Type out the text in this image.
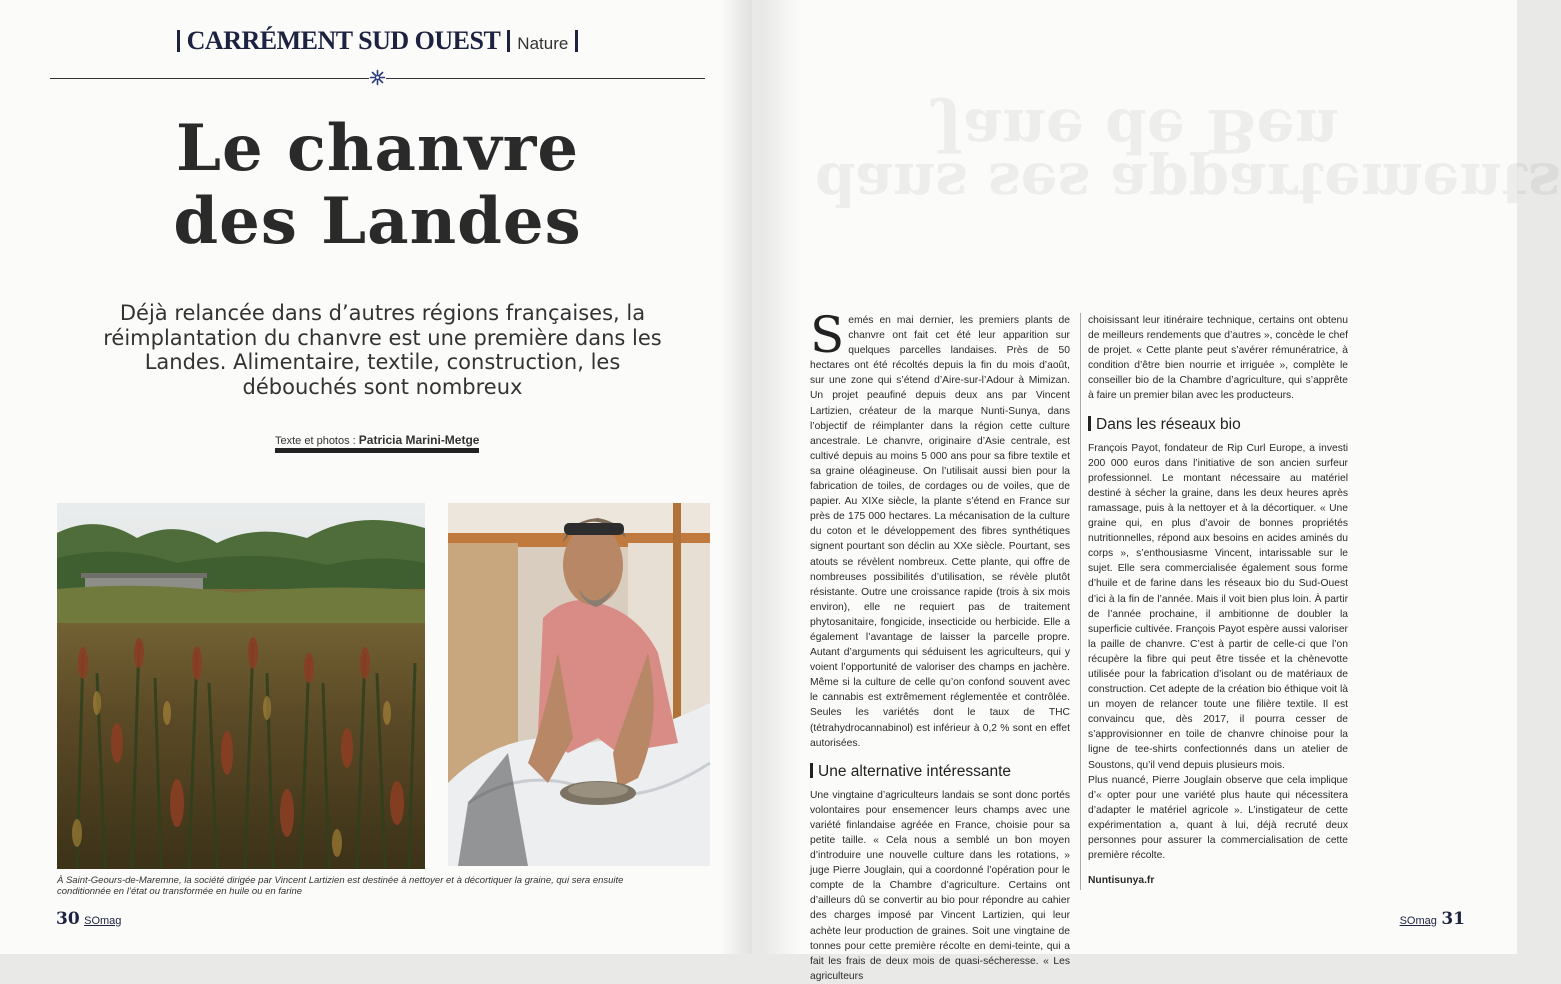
CARRÉMENT SUD OUEST Nature
Le chanvre
des Landes
Déjà relancée dans d’autres régions françaises, la réimplantation du chanvre est une première dans les Landes. Alimentaire, textile, construction, les débouchés sont nombreux
Texte et photos : Patricia Marini-Metge
À Saint-Geours-de-Maremne, la société dirigée par Vincent Lartizien est destinée à nettoyer et à décortiquer la graine, qui sera ensuite conditionnée en l’état ou transformée en huile ou en farine
30 SOmag
Jane de Ben
dans ses appartements

Semés en mai dernier, les premiers plants de chanvre ont fait cet été leur apparition sur quelques parcelles landaises. Près de 50 hectares ont été récoltés depuis la fin du mois d’août, sur une zone qui s’étend d’Aire-sur-l’Adour à Mimizan. Un projet peaufiné depuis deux ans par Vincent Lartizien, créateur de la marque Nunti-Sunya, dans l’objectif de réimplanter dans la région cette culture ancestrale. Le chanvre, originaire d’Asie centrale, est cultivé depuis au moins 5 000 ans pour sa fibre textile et sa graine oléagineuse. On l’utilisait aussi bien pour la fabrication de toiles, de cordages ou de voiles, que de papier. Au XIXe siècle, la plante s’étend en France sur près de 175 000 hectares. La mécanisation de la culture du coton et le développement des fibres synthétiques signent pourtant son déclin au XXe siècle. Pourtant, ses atouts se révèlent nombreux. Cette plante, qui offre de nombreuses possibilités d’utilisation, se révèle plutôt résistante. Outre une croissance rapide (trois à six mois environ), elle ne requiert pas de traitement phytosanitaire, fongicide, insecticide ou herbicide. Elle a également l’avantage de laisser la parcelle propre. Autant d’arguments qui séduisent les agriculteurs, qui y voient l’opportunité de valoriser des champs en jachère. Même si la culture de celle qu’on confond souvent avec le cannabis est extrêmement réglementée et contrôlée. Seules les variétés dont le taux de THC (tétrahydrocannabinol) est inférieur à 0,2 % sont en effet autorisées.

Une alternative intéressante

Une vingtaine d’agriculteurs landais se sont donc portés volontaires pour ensemencer leurs champs avec une variété finlandaise agréée en France, choisie pour sa petite taille. « Cela nous a semblé un bon moyen d’introduire une nouvelle culture dans les rotations, » juge Pierre Jouglain, qui a coordonné l’opération pour le compte de la Chambre d’agriculture. Certains ont d’ailleurs dû se convertir au bio pour répondre au cahier des charges imposé par Vincent Lartizien, qui leur achète leur production de graines. Soit une vingtaine de tonnes pour cette première récolte en demi-teinte, qui a fait les frais de deux mois de quasi-sécheresse. « Les agriculteurs

choisissant leur itinéraire technique, certains ont obtenu de meilleurs rendements que d’autres », concède le chef de projet. « Cette plante peut s’avérer rémunératrice, à condition d’être bien nourrie et irriguée », complète le conseiller bio de la Chambre d’agriculture, qui s’apprête à faire un premier bilan avec les producteurs.

Dans les réseaux bio

François Payot, fondateur de Rip Curl Europe, a investi 200 000 euros dans l’initiative de son ancien surfeur professionnel. Le montant nécessaire au matériel destiné à sécher la graine, dans les deux heures après ramassage, puis à la nettoyer et à la décortiquer. « Une graine qui, en plus d’avoir de bonnes propriétés nutritionnelles, répond aux besoins en acides aminés du corps », s’enthousiasme Vincent, intarissable sur le sujet. Elle sera commercialisée également sous forme d’huile et de farine dans les réseaux bio du Sud-Ouest d’ici à la fin de l’année. Mais il voit bien plus loin. À partir de l’année prochaine, il ambitionne de doubler la superficie cultivée. François Payot espère aussi valoriser la paille de chanvre. C’est à partir de celle-ci que l’on récupère la fibre qui peut être tissée et la chènevotte utilisée pour la fabrication d’isolant ou de matériaux de construction. Cet adepte de la création bio éthique voit là un moyen de relancer toute une filière textile. Il est convaincu que, dès 2017, il pourra cesser de s’approvisionner en toile de chanvre chinoise pour la ligne de tee-shirts confectionnés dans un atelier de Soustons, qu’il vend depuis plusieurs mois.

Plus nuancé, Pierre Jouglain observe que cela implique d’« opter pour une variété plus haute qui nécessitera d’adapter le matériel agricole ». L’instigateur de cette expérimentation a, quant à lui, déjà recruté deux personnes pour assurer la commercialisation de cette première récolte.

Nuntisunya.fr

SOmag 31
